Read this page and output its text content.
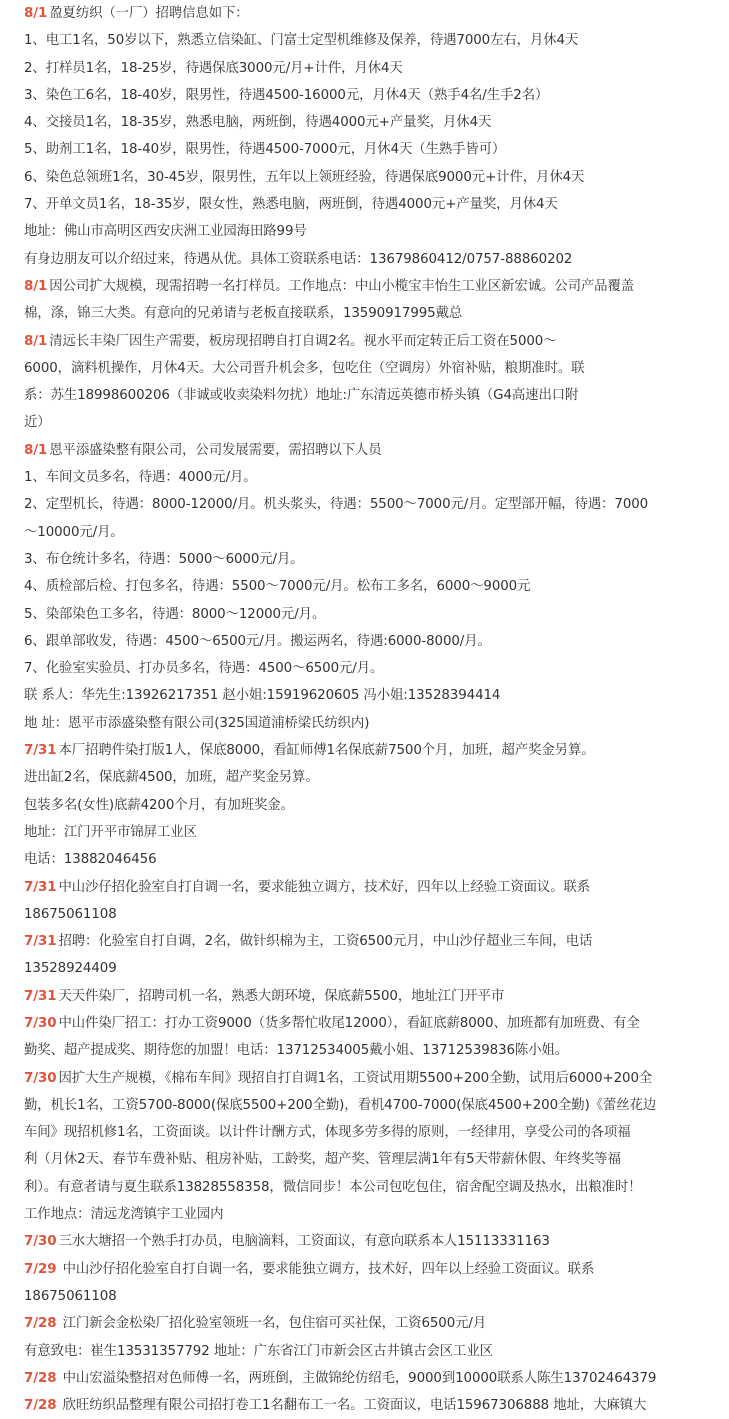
8/1 盈夏纺织（一厂）招聘信息如下：
1、电工1名，50岁以下，熟悉立信染缸、门富士定型机维修及保养，待遇7000左右，月休4天
2、打样员1名，18-25岁，待遇保底3000元/月+计件，月休4天
3、染色工6名，18-40岁，限男性，待遇4500-16000元，月休4天（熟手4名/生手2名）
4、交接员1名，18-35岁，熟悉电脑，两班倒，待遇4000元+产量奖，月休4天
5、助剂工1名，18-40岁，限男性，待遇4500-7000元，月休4天（生熟手皆可）
6、染色总领班1名，30-45岁，限男性，五年以上领班经验，待遇保底9000元+计件，月休4天
7、开单文员1名，18-35岁，限女性，熟悉电脑，两班倒，待遇4000元+产量奖，月休4天
地址：佛山市高明区西安庆洲工业园海田路99号
有身边朋友可以介绍过来，待遇从优。具体工资联系电话：13679860412/0757-88860202
8/1 因公司扩大规模，现需招聘一名打样员。工作地点：中山小榄宝丰怡生工业区新宏诚。公司产品覆盖
棉，涤，锦三大类。有意向的兄弟请与老板直接联系，13590917995戴总
8/1 清远长丰染厂因生产需要，板房现招聘自打自调2名。视水平而定转正后工资在5000～
6000，滴料机操作，月休4天。大公司晋升机会多，包吃住（空调房）外宿补贴，粮期准时。联
系：苏生18998600206（非诚或收卖染料勿扰）地址:广东清远英德市桥头镇（G4高速出口附
近）
8/1 恩平添盛染整有限公司，公司发展需要，需招聘以下人员
1、车间文员多名，待遇：4000元/月。
2、定型机长，待遇：8000-12000/月。机头浆头，待遇：5500～7000元/月。定型部开幅，待遇：7000
～10000元/月。
3、布仓统计多名，待遇：5000～6000元/月。
4、质检部后检、打包多名，待遇：5500～7000元/月。松布工多名，6000～9000元
5、染部染色工多名，待遇：8000～12000元/月。
6、跟单部收发，待遇：4500～6500元/月。搬运两名，待遇:6000-8000/月。
7、化验室实验员、打办员多名，待遇：4500～6500元/月。
联 系人：华先生:13926217351 赵小姐:15919620605 冯小姐:13528394414
地 址：恩平市添盛染整有限公司(325国道浦桥梁氏纺织内)
7/31 本厂招聘件染打版1人，保底8000，看缸师傅1名保底薪7500个月，加班，超产奖金另算。
进出缸2名，保底薪4500，加班，超产奖金另算。
包装多名(女性)底薪4200个月，有加班奖金。
地址：江门开平市锦屏工业区
电话：13882046456
7/31 中山沙仔招化验室自打自调一名，要求能独立调方，技术好，四年以上经验工资面议。联系
18675061108
7/31 招聘：化验室自打自调，2名，做针织棉为主，工资6500元月，中山沙仔超业三车间，电话
13528924409
7/31 天天件染厂，招聘司机一名，熟悉大朗环境，保底薪5500，地址江门开平市
7/30 中山件染厂招工：打办工资9000（货多帮忙收尾12000），看缸底薪8000、加班都有加班费、有全
勤奖、超产提成奖、期待您的加盟！电话：13712534005戴小姐、13712539836陈小姐。
7/30 因扩大生产规模，《棉布车间》现招自打自调1名，工资试用期5500+200全勤，试用后6000+200全
勤，机长1名，工资5700-8000(保底5500+200全勤)，看机4700-7000(保底4500+200全勤)《蕾丝花边
车间》现招机修1名，工资面谈。以计件计酬方式，体现多劳多得的原则，一经律用，享受公司的各项福
利（月休2天、春节车费补贴、租房补贴，工龄奖，超产奖、管理层满1年有5天带薪休假、年终奖等福
利）。有意者请与夏生联系13828558358，微信同步！本公司包吃包住，宿舍配空调及热水，出粮准时！
工作地点：清远龙湾镇宇工业园内
7/30 三水大塘招一个熟手打办员，电脑滴料，工资面议，有意向联系本人15113331163
7/29 中山沙仔招化验室自打自调一名，要求能独立调方，技术好，四年以上经验工资面议。联系
18675061108
7/28 江门新会金松染厂招化验室领班一名，包住宿可买社保，工资6500元/月
有意致电：崔生13531357792 地址：广东省江门市新会区古井镇古会区工业区
7/28 中山宏溢染整招对色师傅一名，两班倒，主做锦纶仿绍毛，9000到10000联系人陈生13702464379
7/28 欣旺纺织品整理有限公司招打卷工1名翻布工一名。工资面议，电话15967306888 地址，大麻镇大
